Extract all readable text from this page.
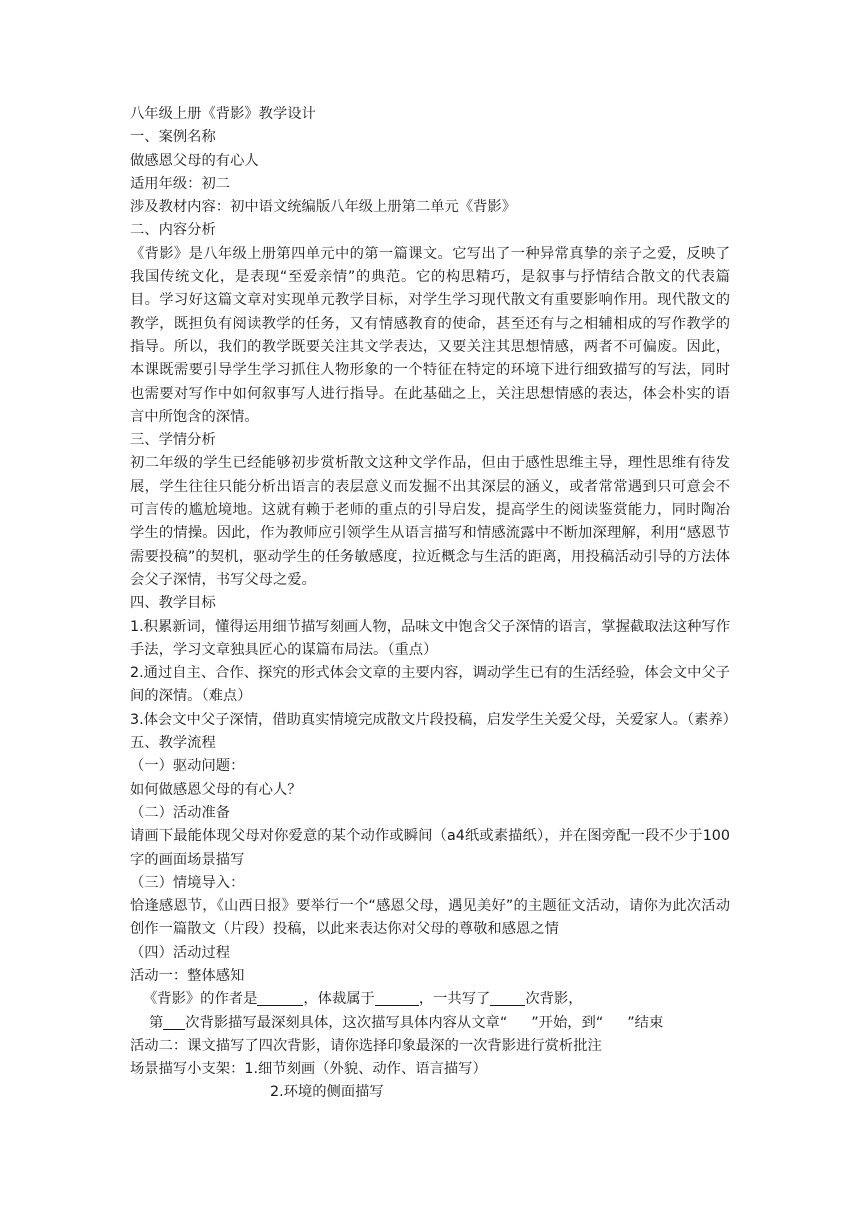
八年级上册《背影》教学设计

一、案例名称

做感恩父母的有心人

适用年级：初二

涉及教材内容：初中语文统编版八年级上册第二单元《背影》

二、内容分析

《背影》是八年级上册第四单元中的第一篇课文。它写出了一种异常真挚的亲子之爱，反映了我国传统文化，是表现“至爱亲情”的典范。它的构思精巧，是叙事与抒情结合散文的代表篇目。学习好这篇文章对实现单元教学目标，对学生学习现代散文有重要影响作用。现代散文的教学，既担负有阅读教学的任务，又有情感教育的使命，甚至还有与之相辅相成的写作教学的指导。所以，我们的教学既要关注其文学表达，又要关注其思想情感，两者不可偏废。因此，本课既需要引导学生学习抓住人物形象的一个特征在特定的环境下进行细致描写的写法，同时也需要对写作中如何叙事写人进行指导。在此基础之上，关注思想情感的表达，体会朴实的语言中所饱含的深情。

三、学情分析

初二年级的学生已经能够初步赏析散文这种文学作品，但由于感性思维主导，理性思维有待发展，学生往往只能分析出语言的表层意义而发掘不出其深层的涵义，或者常常遇到只可意会不可言传的尴尬境地。这就有赖于老师的重点的引导启发，提高学生的阅读鉴赏能力，同时陶冶学生的情操。因此，作为教师应引领学生从语言描写和情感流露中不断加深理解，利用“感恩节需要投稿”的契机，驱动学生的任务敏感度，拉近概念与生活的距离，用投稿活动引导的方法体会父子深情，书写父母之爱。

四、教学目标

1.积累新词，懂得运用细节描写刻画人物，品味文中饱含父子深情的语言，掌握截取法这种写作手法，学习文章独具匠心的谋篇布局法。（重点）

2.通过自主、合作、探究的形式体会文章的主要内容，调动学生已有的生活经验，体会文中父子间的深情。（难点）

3.体会文中父子深情，借助真实情境完成散文片段投稿，启发学生关爱父母，关爱家人。（素养）

五、教学流程

（一）驱动问题：

如何做感恩父母的有心人？

（二）活动准备

请画下最能体现父母对你爱意的某个动作或瞬间（a4纸或素描纸），并在图旁配一段不少于100字的画面场景描写

（三）情境导入：

恰逢感恩节，《山西日报》要举行一个“感恩父母，遇见美好”的主题征文活动，请你为此次活动创作一篇散文（片段）投稿，以此来表达你对父母的尊敬和感恩之情

（四）活动过程

活动一：整体感知

《背影》的作者是	，体裁属于	，一共写了 次背影，

第 次背影描写最深刻具体，这次描写具体内容从文章“ ”开始，到“ ”结束

活动二：课文描写了四次背影，请你选择印象最深的一次背影进行赏析批注

场景描写小支架：1.细节刻画（外貌、动作、语言描写）

2.环境的侧面描写
